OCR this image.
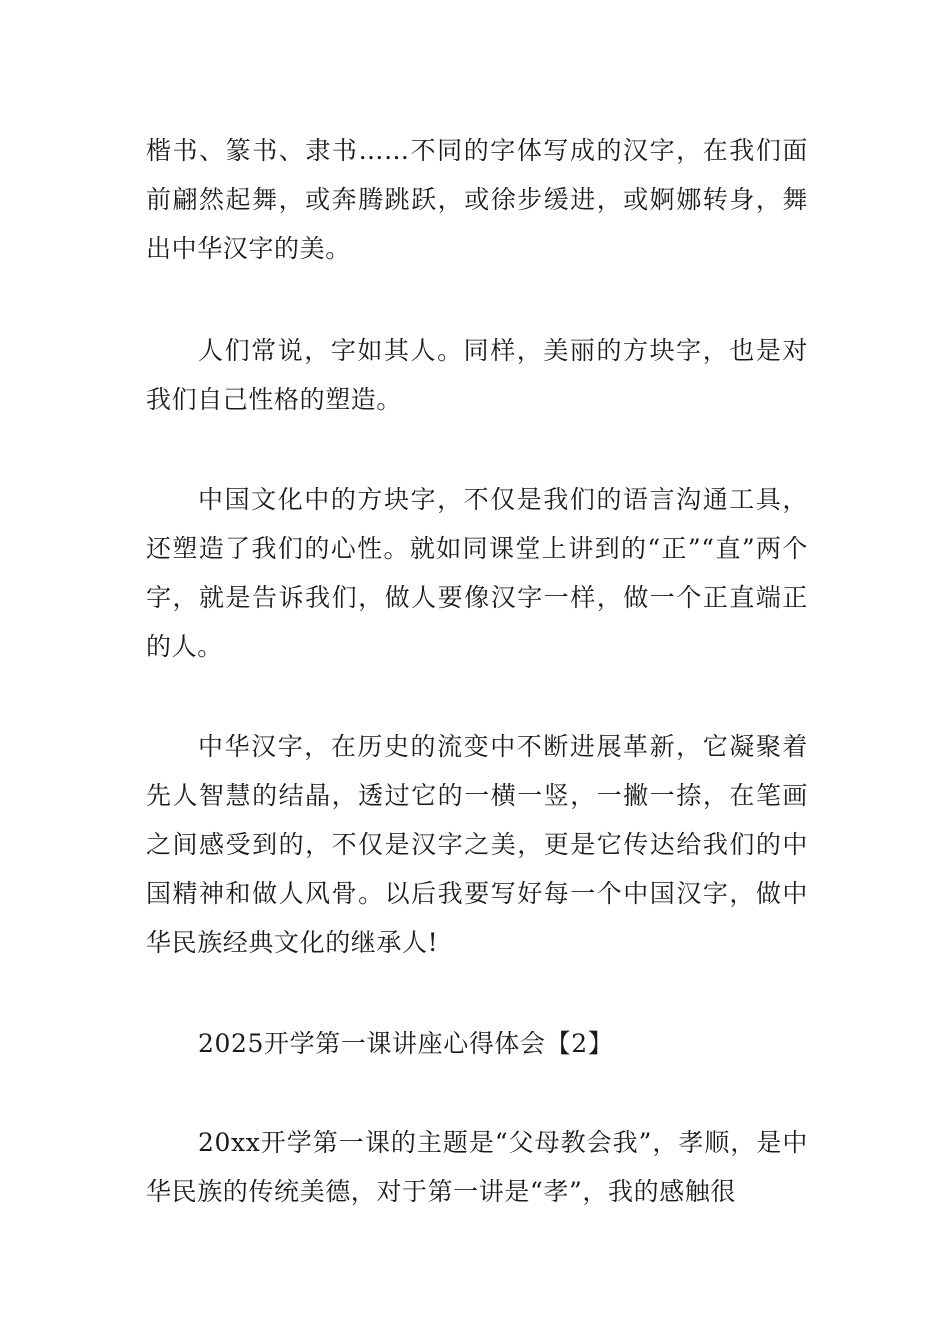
楷书、篆书、隶书……不同的字体写成的汉字，在我们面前翩然起舞，或奔腾跳跃，或徐步缓进，或婀娜转身，舞出中华汉字的美。

人们常说，字如其人。同样，美丽的方块字，也是对我们自己性格的塑造。

中国文化中的方块字，不仅是我们的语言沟通工具，还塑造了我们的心性。就如同课堂上讲到的“正”“直”两个字，就是告诉我们，做人要像汉字一样，做一个正直端正的人。

中华汉字，在历史的流变中不断进展革新，它凝聚着先人智慧的结晶，透过它的一横一竖，一撇一捺，在笔画之间感受到的，不仅是汉字之美，更是它传达给我们的中国精神和做人风骨。以后我要写好每一个中国汉字，做中华民族经典文化的继承人!

2025开学第一课讲座心得体会【2】

20xx开学第一课的主题是“父母教会我”，孝顺，是中华民族的传统美德，对于第一讲是“孝”，我的感触很
